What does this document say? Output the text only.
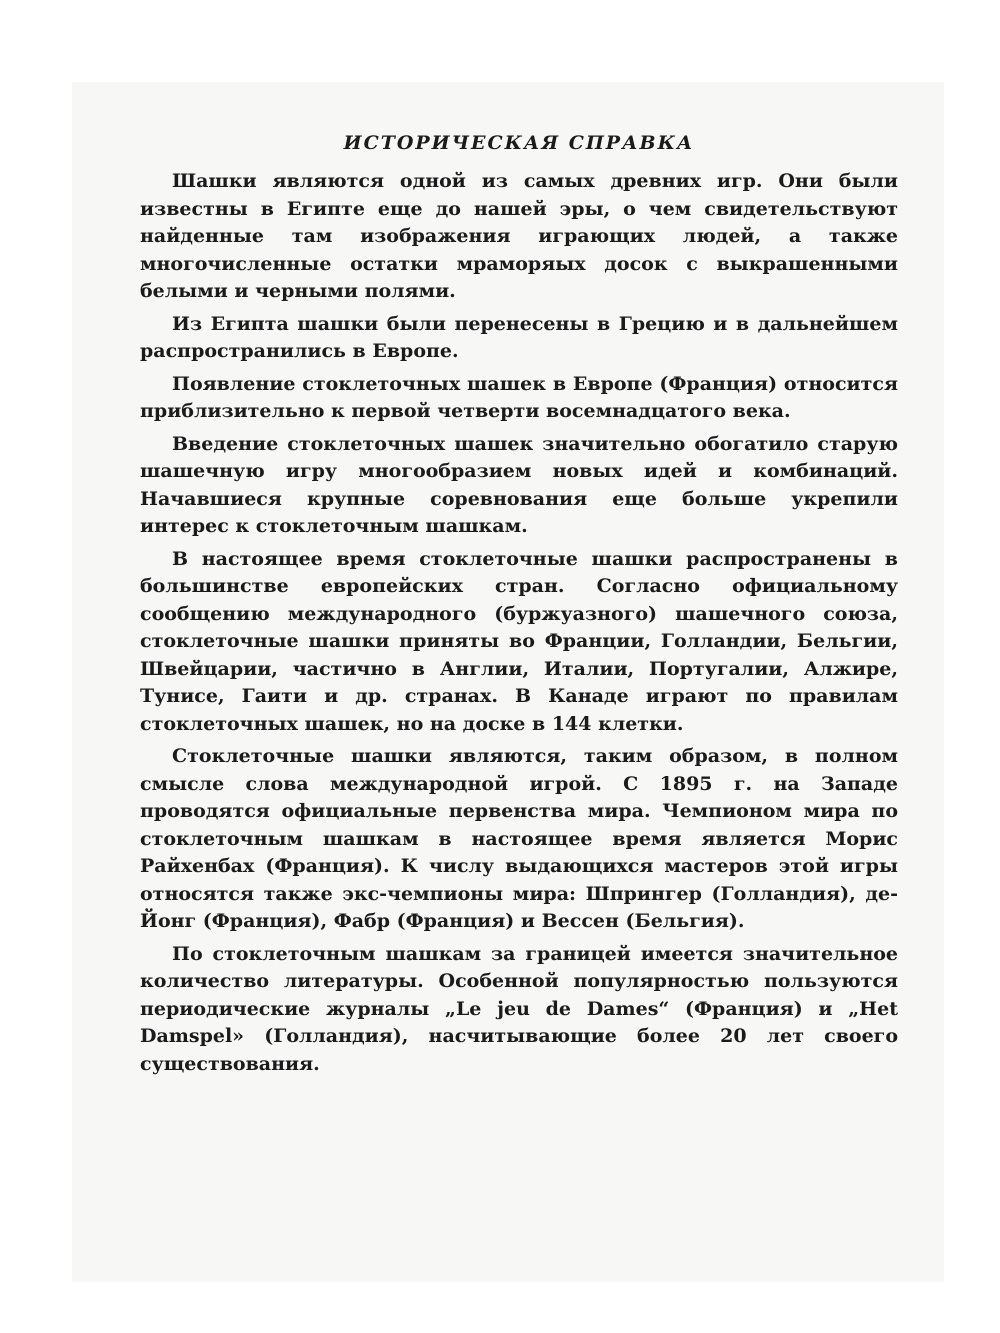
ИСТОРИЧЕСКАЯ СПРАВКА

Шашки являются одной из самых древних игр. Они были известны в Египте еще до нашей эры, о чем свидетельствуют найденные там изображения играющих людей, а также многочисленные остатки мраморяых досок с выкрашенными белыми и черными полями.

Из Египта шашки были перенесены в Грецию и в дальнейшем распространились в Европе.

Появление стоклеточных шашек в Европе (Франция) относится приблизительно к первой четверти восемнадцатого века.

Введение стоклеточных шашек значительно обогатило старую шашечную игру многообразием новых идей и комбинаций. Начавшиеся крупные соревнования еще больше укрепили интерес к стоклеточным шашкам.

В настоящее время стоклеточные шашки распространены в большинстве европейских стран. Согласно официальному сообщению международного (буржуазного) шашечного союза, стоклеточные шашки приняты во Франции, Голландии, Бельгии, Швейцарии, частично в Англии, Италии, Португалии, Алжире, Тунисе, Гаити и др. странах. В Канаде играют по правилам стоклеточных шашек, но на доске в 144 клетки.

Стоклеточные шашки являются, таким образом, в полном смысле слова международной игрой. С 1895 г. на Западе проводятся официальные первенства мира. Чемпионом мира по стоклеточным шашкам в настоящее время является Морис Райхенбах (Франция). К числу выдающихся мастеров этой игры относятся также экс-чемпионы мира: Шпрингер (Голландия), де-Йонг (Франция), Фабр (Франция) и Вессен (Бельгия).

По стоклеточным шашкам за границей имеется значительное количество литературы. Особенной популярностью пользуются периодические журналы „Le jeu de Dames“ (Франция) и „Het Damspel» (Голландия), насчитывающие более 20 лет своего существования.
